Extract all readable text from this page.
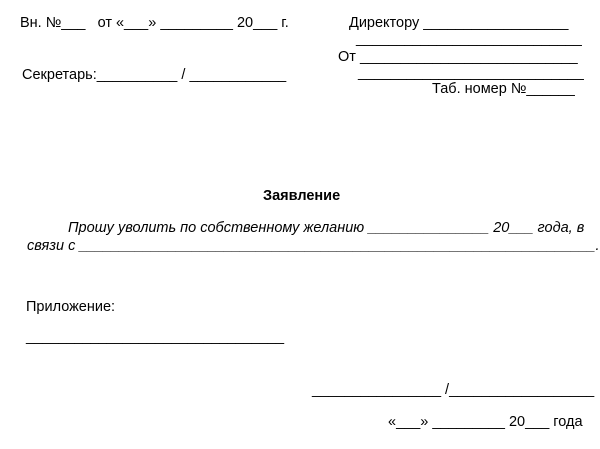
Вн. №___   от «___» _________ 20___ г.
Секретарь:__________ / ____________
Директору __________________
____________________________
От ___________________________
____________________________
Таб. номер №______
Заявление
Прошу уволить по собственному желанию _______________ 20___ года, в
связи с ________________________________________________________________.
Приложение:
________________________________
________________ /__________________
«___» _________ 20___ года
